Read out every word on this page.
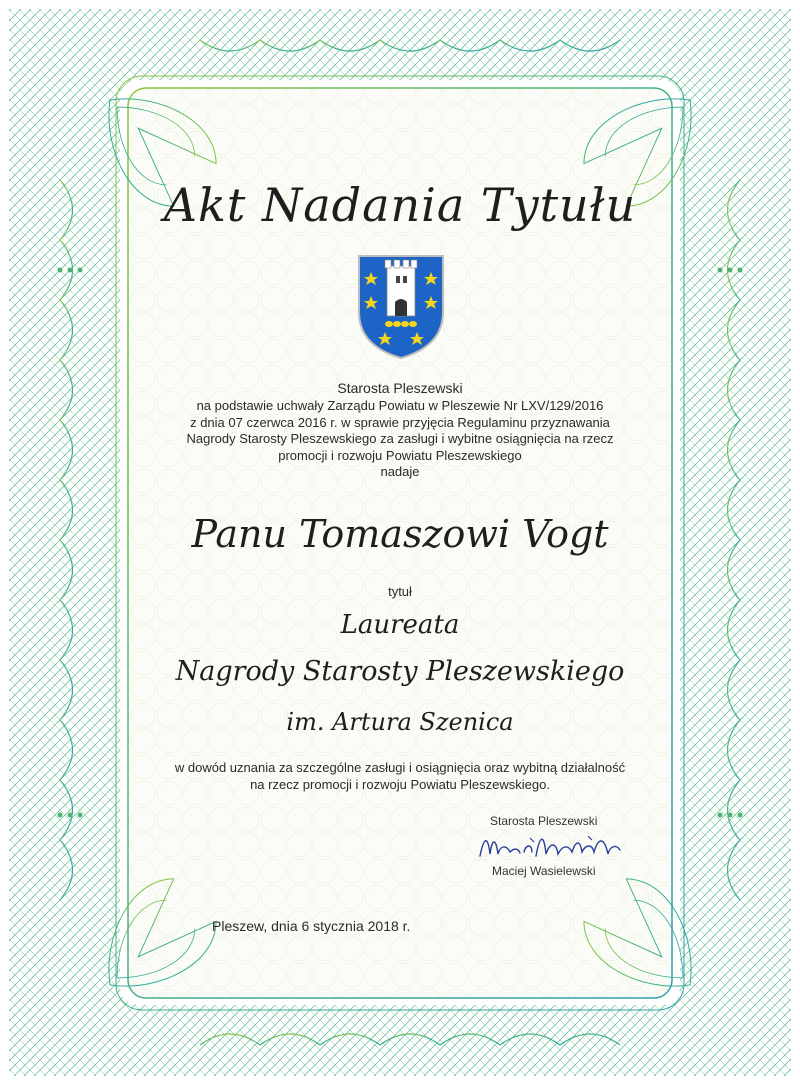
Akt Nadania Tytułu
Starosta Pleszewski
na podstawie uchwały Zarządu Powiatu w Pleszewie Nr LXV/129/2016
z dnia 07 czerwca 2016 r. w sprawie przyjęcia Regulaminu przyznawania
Nagrody Starosty Pleszewskiego za zasługi i wybitne osiągnięcia na rzecz
promocji i rozwoju Powiatu Pleszewskiego
nadaje
Panu Tomaszowi Vogt
tytuł
Laureata
Nagrody Starosty Pleszewskiego
im. Artura Szenica
w dowód uznania za szczególne zasługi i osiągnięcia oraz wybitną działalność
na rzecz promocji i rozwoju Powiatu Pleszewskiego.
Starosta Pleszewski
Maciej Wasielewski
Pleszew, dnia 6 stycznia 2018 r.
